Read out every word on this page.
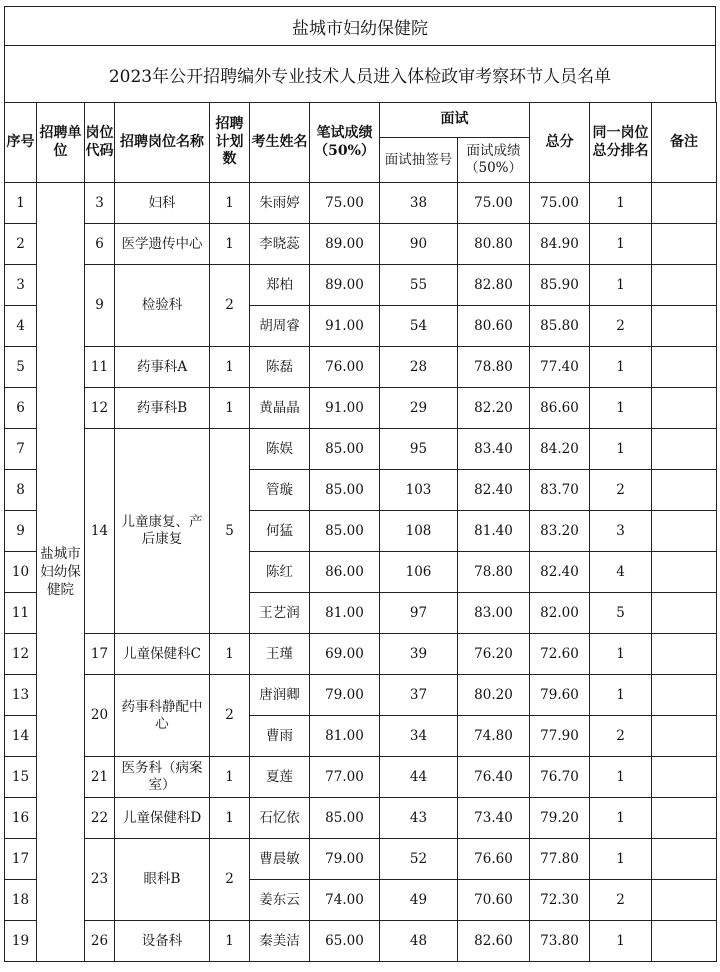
盐城市妇幼保健院
2023年公开招聘编外专业技术人员进入体检政审考察环节人员名单
序号	招聘单位	岗位代码	招聘岗位名称	招聘计划数	考生姓名	笔试成绩（50%）	面试		总分	同一岗位总分排名	备注
							面试抽签号	面试成绩（50%）			
1	盐城市妇幼保健院	3	妇科	1	朱雨婷	75.00	38	75.00	75.00	1	
2		6	医学遗传中心	1	李晓蕊	89.00	90	80.80	84.90	1	
3		9	检验科	2	郑柏	89.00	55	82.80	85.90	1	
4					胡周睿	91.00	54	80.60	85.80	2	
5		11	药事科A	1	陈磊	76.00	28	78.80	77.40	1	
6		12	药事科B	1	黄晶晶	91.00	29	82.20	86.60	1	
7		14	儿童康复、产后康复	5	陈娱	85.00	95	83.40	84.20	1	
8					管璇	85.00	103	82.40	83.70	2	
9					何猛	85.00	108	81.40	83.20	3	
10					陈红	86.00	106	78.80	82.40	4	
11					王艺润	81.00	97	83.00	82.00	5	
12		17	儿童保健科C	1	王瑾	69.00	39	76.20	72.60	1	
13		20	药事科静配中心	2	唐润卿	79.00	37	80.20	79.60	1	
14					曹雨	81.00	34	74.80	77.90	2	
15		21	医务科（病案室）	1	夏莲	77.00	44	76.40	76.70	1	
16		22	儿童保健科D	1	石忆依	85.00	43	73.40	79.20	1	
17		23	眼科B	2	曹晨敏	79.00	52	76.60	77.80	1	
18					姜东云	74.00	49	70.60	72.30	2	
19		26	设备科	1	秦美洁	65.00	48	82.60	73.80	1	
